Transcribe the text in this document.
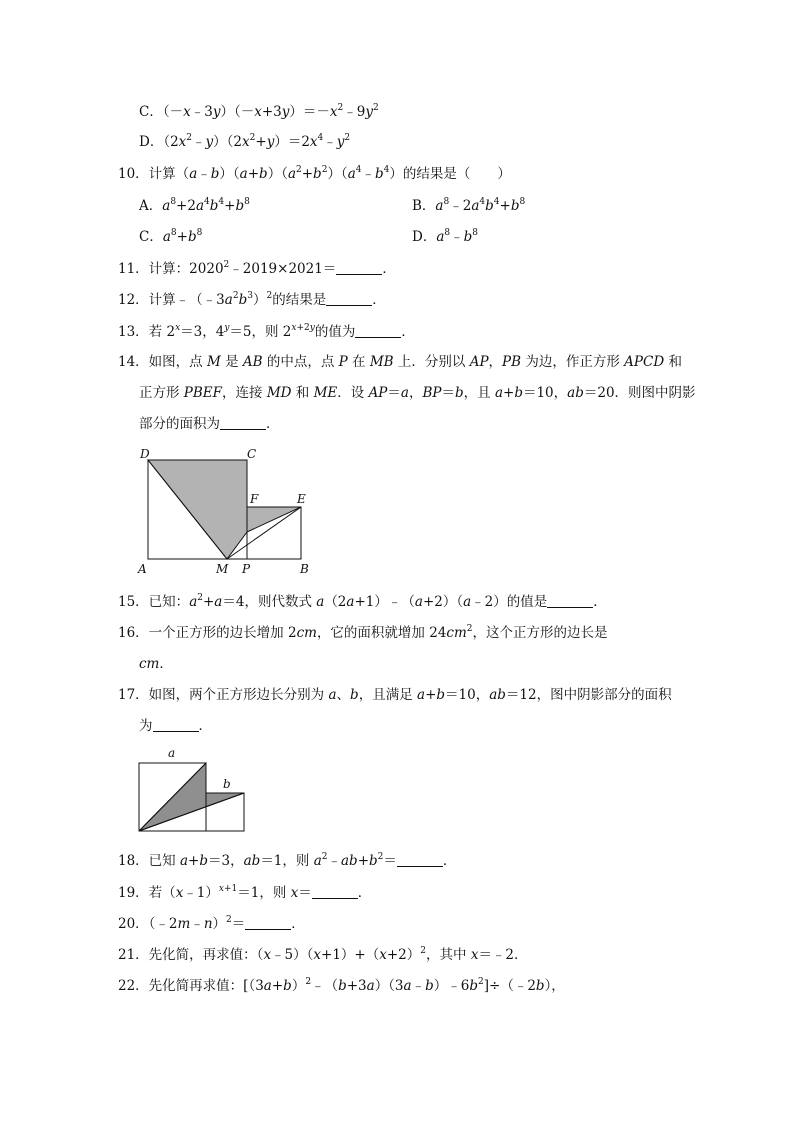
C．$(-x﹣3y)(-x+3y)=-x^2﹣9y^2$
D．$(2x^2﹣y)(2x^2+y)=2x^4﹣y^2$
10．计算$(a﹣b)(a+b)(a^2+b^2)(a^4﹣b^4)$的结果是（　　）
A．$a^8+2a^4b^4+b^8$	B．$a^8﹣2a^4b^4+b^8$
C．$a^8+b^8$	D．$a^8﹣b^8$
11．计算：$2020^2﹣2019\times 2021=$	．
12．计算$﹣(﹣3a^2b^3)^2$的结果是	．
13．若 $2^x=3$，$4^y=5$，则 $2^{x+2y}$的值为	．
14．如图，点 M 是 AB 的中点，点 P 在 MB 上．分别以 AP，PB 为边，作正方形 APCD 和
正方形 PBEF，连接 MD 和 ME．设 AP＝a，BP＝b，且 a+b＝10，ab＝20．则图中阴影
部分的面积为	．
D	C
F	E
A	M P	B
15．已知：$a^2+a=4$，则代数式 a（2a+1）﹣（a+2）（a﹣2）的值是	．
16．一个正方形的边长增加 2cm，它的面积就增加 $24cm^2$，这个正方形的边长是
cm．
17．如图，两个正方形边长分别为 a、b，且满足 a+b＝10，ab＝12，图中阴影部分的面积
为	．
a
b
18．已知 a+b＝3，ab＝1，则 $a^2﹣ab+b^2=$	．
19．若（x﹣1）$^{x+1}$＝1，则 x＝	．
20．（﹣2m﹣n）$^2$＝	．
21．先化简，再求值：$(x﹣5)(x+1)+(x+2)^2$，其中 x＝﹣2．
22．先化简再求值：$[(3a+b)^2﹣(b+3a)(3a﹣b)﹣6b^2]\div(﹣2b)$，
